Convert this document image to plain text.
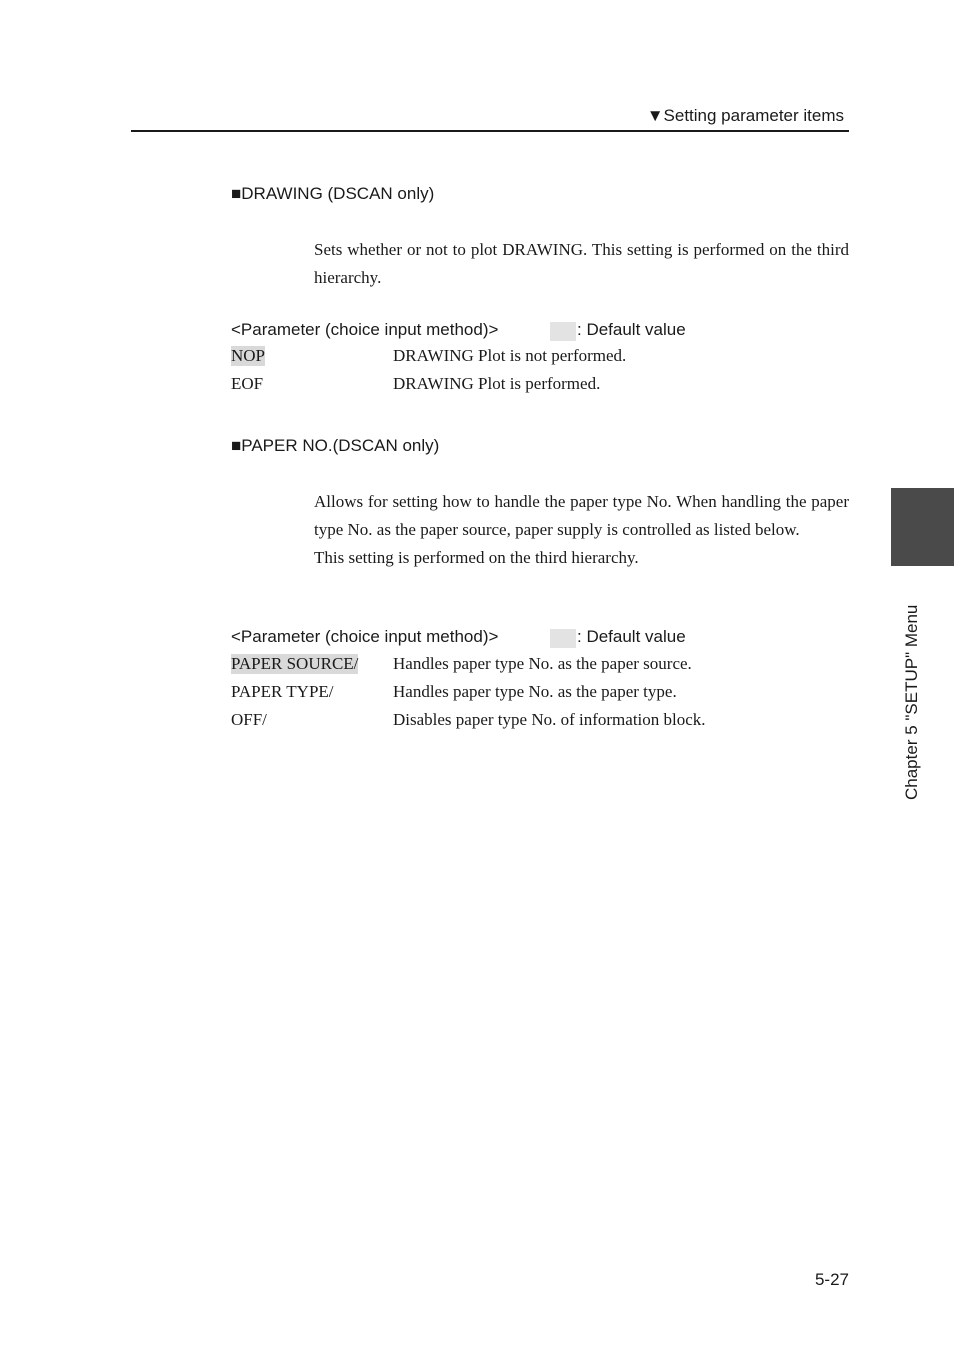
▼Setting parameter items
■DRAWING (DSCAN only)

Sets whether or not to plot DRAWING. This setting is performed on the third hierarchy.

<Parameter (choice input method)>	: Default value
NOP	DRAWING Plot is not performed.
EOF	DRAWING Plot is performed.
■PAPER NO.(DSCAN only)

Allows for setting how to handle the paper type No. When handling the paper type No. as the paper source, paper supply is controlled as listed below.

This setting is performed on the third hierarchy.

<Parameter (choice input method)>	: Default value
PAPER SOURCE/ Handles paper type No. as the paper source.
PAPER TYPE/	Handles paper type No. as the paper type.
OFF/	Disables paper type No. of information block.	Chapter 5 "SETUP" Menu
5-27
